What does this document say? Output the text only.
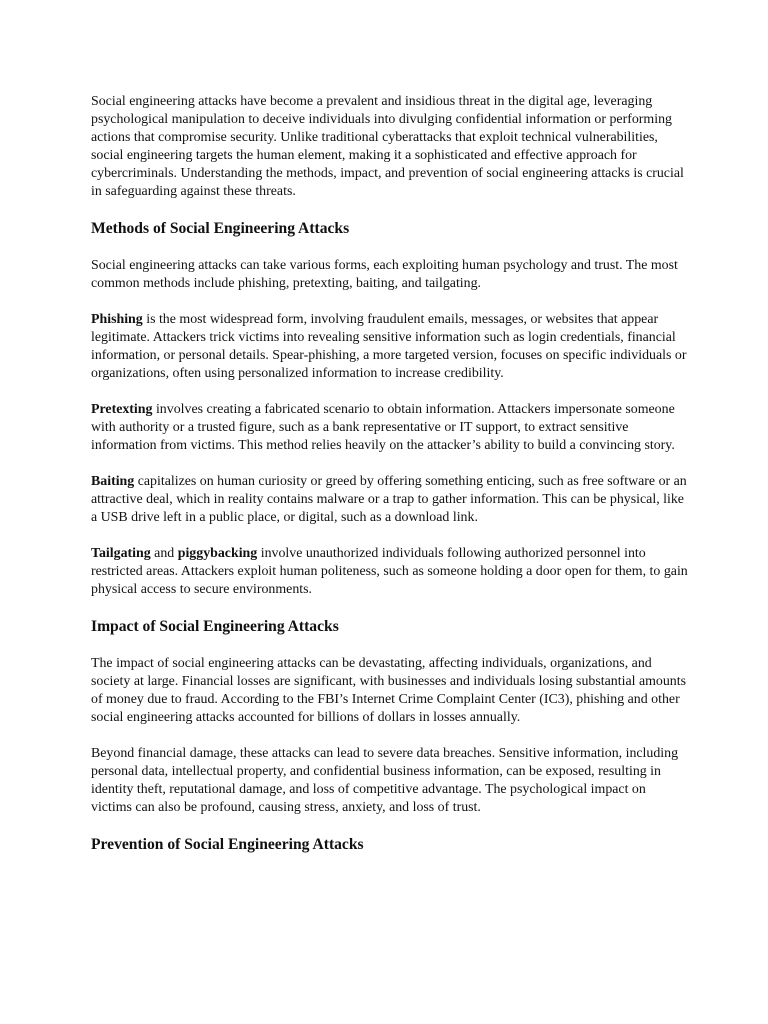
Social engineering attacks have become a prevalent and insidious threat in the digital age, leveraging psychological manipulation to deceive individuals into divulging confidential information or performing actions that compromise security. Unlike traditional cyberattacks that exploit technical vulnerabilities, social engineering targets the human element, making it a sophisticated and effective approach for cybercriminals. Understanding the methods, impact, and prevention of social engineering attacks is crucial in safeguarding against these threats.

Methods of Social Engineering Attacks

Social engineering attacks can take various forms, each exploiting human psychology and trust. The most common methods include phishing, pretexting, baiting, and tailgating.

Phishing is the most widespread form, involving fraudulent emails, messages, or websites that appear legitimate. Attackers trick victims into revealing sensitive information such as login credentials, financial information, or personal details. Spear-phishing, a more targeted version, focuses on specific individuals or organizations, often using personalized information to increase credibility.

Pretexting involves creating a fabricated scenario to obtain information. Attackers impersonate someone with authority or a trusted figure, such as a bank representative or IT support, to extract sensitive information from victims. This method relies heavily on the attacker’s ability to build a convincing story.

Baiting capitalizes on human curiosity or greed by offering something enticing, such as free software or an attractive deal, which in reality contains malware or a trap to gather information. This can be physical, like a USB drive left in a public place, or digital, such as a download link.

Tailgating and piggybacking involve unauthorized individuals following authorized personnel into restricted areas. Attackers exploit human politeness, such as someone holding a door open for them, to gain physical access to secure environments.

Impact of Social Engineering Attacks

The impact of social engineering attacks can be devastating, affecting individuals, organizations, and society at large. Financial losses are significant, with businesses and individuals losing substantial amounts of money due to fraud. According to the FBI’s Internet Crime Complaint Center (IC3), phishing and other social engineering attacks accounted for billions of dollars in losses annually.

Beyond financial damage, these attacks can lead to severe data breaches. Sensitive information, including personal data, intellectual property, and confidential business information, can be exposed, resulting in identity theft, reputational damage, and loss of competitive advantage. The psychological impact on victims can also be profound, causing stress, anxiety, and loss of trust.

Prevention of Social Engineering Attacks
